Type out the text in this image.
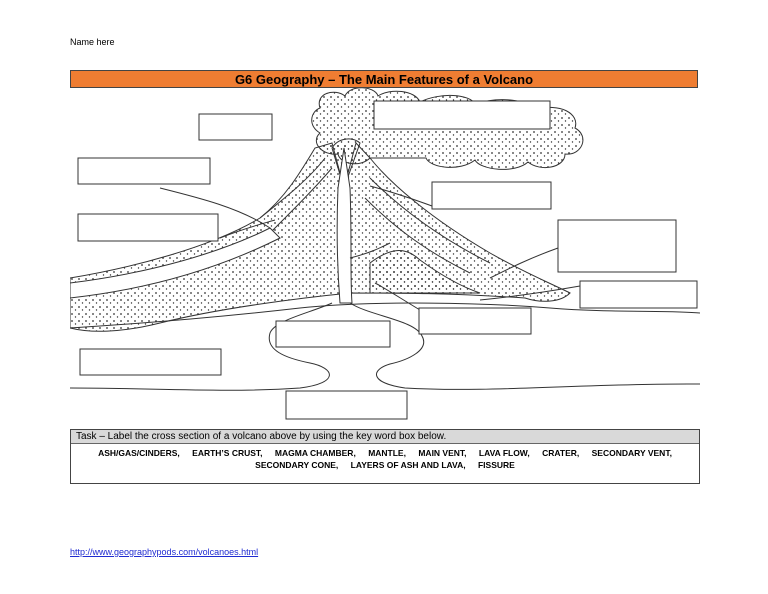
Name here
G6 Geography – The Main Features of a Volcano
Task – Label the cross section of a volcano above by using the key word box below.
ASH/GAS/CINDERS, EARTH’S CRUST, MAGMA CHAMBER, MANTLE, MAIN VENT, LAVA FLOW, CRATER, SECONDARY VENT,
SECONDARY CONE, LAYERS OF ASH AND LAVA, FISSURE
http://www.geographypods.com/volcanoes.html
